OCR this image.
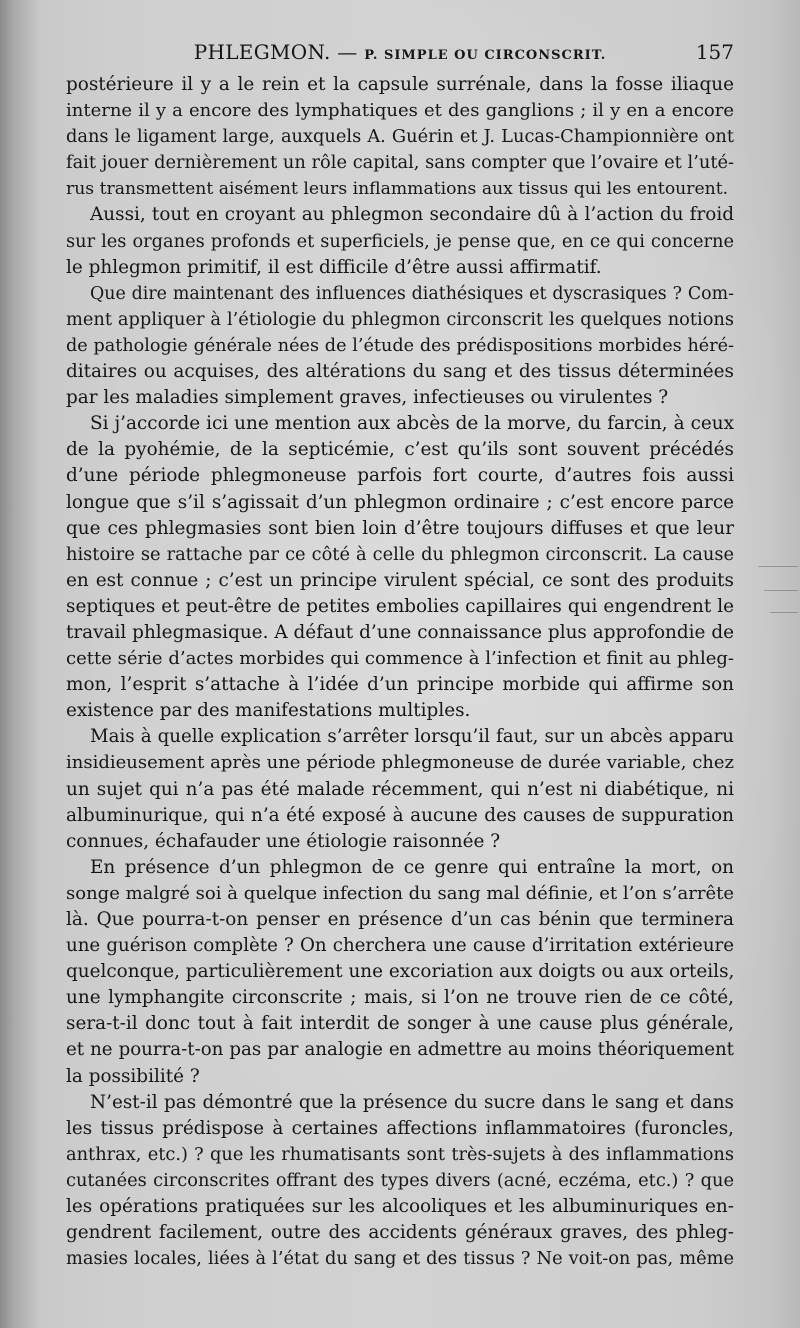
PHLEGMON. — P. SIMPLE OU CIRCONSCRIT.	157
postérieure il y a le rein et la capsule surrénale, dans la fosse iliaque
interne il y a encore des lymphatiques et des ganglions ; il y en a encore
dans le ligament large, auxquels A. Guérin et J. Lucas-Championnière ont
fait jouer dernièrement un rôle capital, sans compter que l’ovaire et l’uté-
rus transmettent aisément leurs inflammations aux tissus qui les entourent.
Aussi, tout en croyant au phlegmon secondaire dû à l’action du froid
sur les organes profonds et superficiels, je pense que, en ce qui concerne
le phlegmon primitif, il est difficile d’être aussi affirmatif.
Que dire maintenant des influences diathésiques et dyscrasiques ? Com-
ment appliquer à l’étiologie du phlegmon circonscrit les quelques notions
de pathologie générale nées de l’étude des prédispositions morbides héré-
ditaires ou acquises, des altérations du sang et des tissus déterminées
par les maladies simplement graves, infectieuses ou virulentes ?
Si j’accorde ici une mention aux abcès de la morve, du farcin, à ceux
de la pyohémie, de la septicémie, c’est qu’ils sont souvent précédés
d’une période phlegmoneuse parfois fort courte, d’autres fois aussi
longue que s’il s’agissait d’un phlegmon ordinaire ; c’est encore parce
que ces phlegmasies sont bien loin d’être toujours diffuses et que leur
histoire se rattache par ce côté à celle du phlegmon circonscrit. La cause
en est connue ; c’est un principe virulent spécial, ce sont des produits
septiques et peut-être de petites embolies capillaires qui engendrent le
travail phlegmasique. A défaut d’une connaissance plus approfondie de
cette série d’actes morbides qui commence à l’infection et finit au phleg-
mon, l’esprit s’attache à l’idée d’un principe morbide qui affirme son
existence par des manifestations multiples.
Mais à quelle explication s’arrêter lorsqu’il faut, sur un abcès apparu
insidieusement après une période phlegmoneuse de durée variable, chez
un sujet qui n’a pas été malade récemment, qui n’est ni diabétique, ni
albuminurique, qui n’a été exposé à aucune des causes de suppuration
connues, échafauder une étiologie raisonnée ?
En présence d’un phlegmon de ce genre qui entraîne la mort, on
songe malgré soi à quelque infection du sang mal définie, et l’on s’arrête
là. Que pourra-t-on penser en présence d’un cas bénin que terminera
une guérison complète ? On cherchera une cause d’irritation extérieure
quelconque, particulièrement une excoriation aux doigts ou aux orteils,
une lymphangite circonscrite ; mais, si l’on ne trouve rien de ce côté,
sera-t-il donc tout à fait interdit de songer à une cause plus générale,
et ne pourra-t-on pas par analogie en admettre au moins théoriquement
la possibilité ?
N’est-il pas démontré que la présence du sucre dans le sang et dans
les tissus prédispose à certaines affections inflammatoires (furoncles,
anthrax, etc.) ? que les rhumatisants sont très-sujets à des inflammations
cutanées circonscrites offrant des types divers (acné, eczéma, etc.) ? que
les opérations pratiquées sur les alcooliques et les albuminuriques en-
gendrent facilement, outre des accidents généraux graves, des phleg-
masies locales, liées à l’état du sang et des tissus ? Ne voit-on pas, même
